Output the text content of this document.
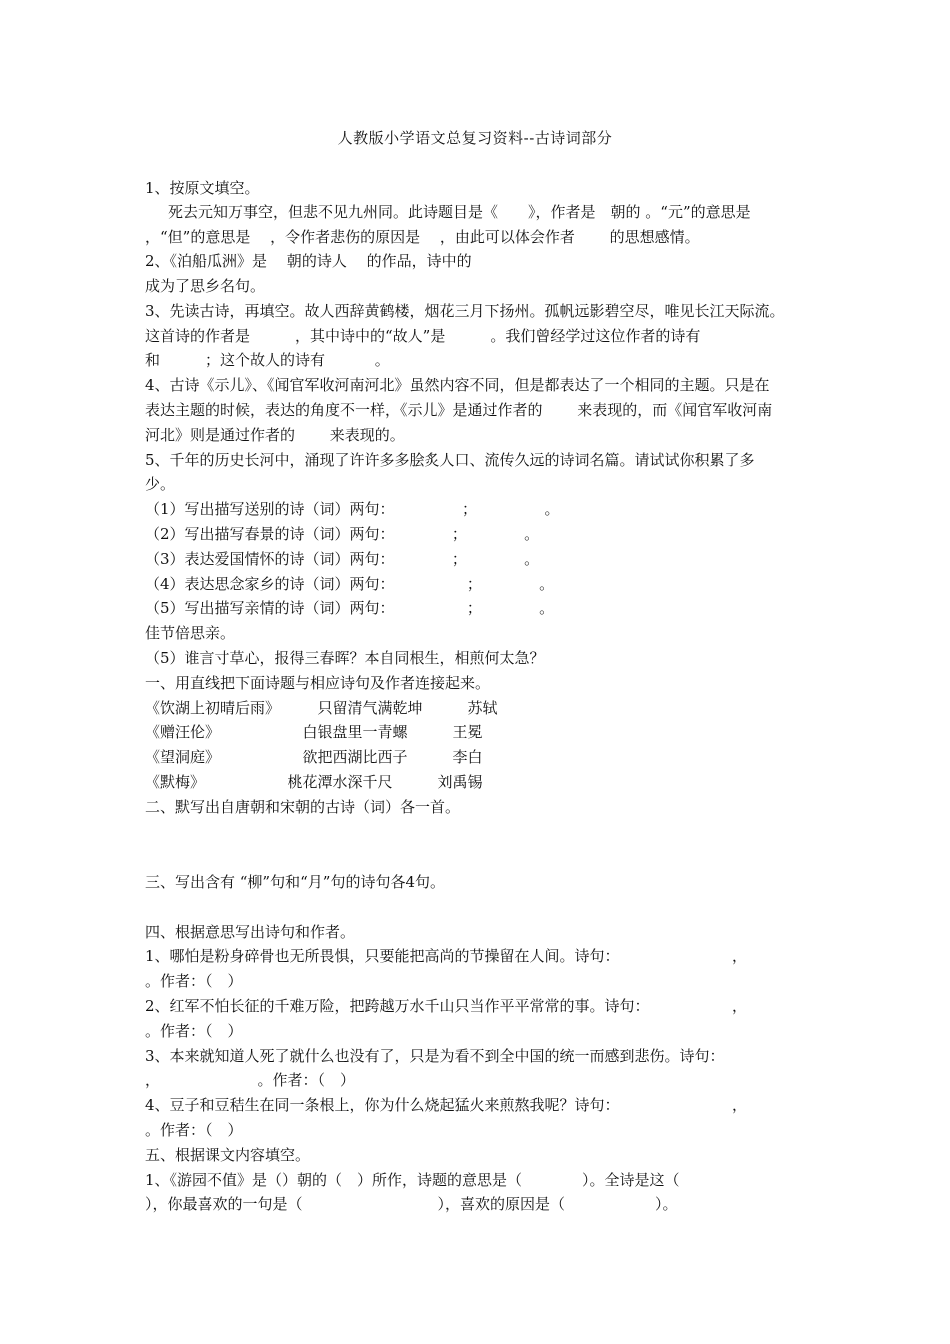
人教版小学语文总复习资料--古诗词部分
1、按原文填空。
死去元知万事空，但悲不见九州同。此诗题目是《　　》，作者是　朝的 。“元”的意思是
，“但”的意思是　 ，令作者悲伤的原因是　 ，由此可以体会作者　　 的思想感情。
2、《泊船瓜洲》是　 朝的诗人　 的作品，诗中的
成为了思乡名句。
3、先读古诗，再填空。故人西辞黄鹤楼，烟花三月下扬州。孤帆远影碧空尽，唯见长江天际流。
这首诗的作者是　　　，其中诗中的“故人”是　　　。我们曾经学过这位作者的诗有
和　　　；这个故人的诗有　　　 。
4、古诗《示儿》、《闻官军收河南河北》虽然内容不同，但是都表达了一个相同的主题。只是在
表达主题的时候，表达的角度不一样，《示儿》是通过作者的　　 来表现的，而《闻官军收河南
河北》则是通过作者的　　 来表现的。
5、千年的历史长河中，涌现了许许多多脍炙人口、流传久远的诗词名篇。请试试你积累了多
少。
（1）写出描写送别的诗（词）两句：　　　　　；　　　　　。
（2）写出描写春景的诗（词）两句：　　　　 ；　　　　 。
（3）表达爱国情怀的诗（词）两句：　　　　 ；　　　　 。
（4）表达思念家乡的诗（词）两句：　　　　　 ；　　　　 。
（5）写出描写亲情的诗（词）两句：　　　　　 ；　　　　 。
佳节倍思亲。
（5）谁言寸草心，报得三春晖？本自同根生，相煎何太急？
一、用直线把下面诗题与相应诗句及作者连接起来。
《饮湖上初晴后雨》　　　只留清气满乾坤　　　苏轼
《赠汪伦》　　　　　　白银盘里一青螺　　　王冕
《望洞庭》　　　　　　欲把西湖比西子　　　李白
《默梅》　　　　　　桃花潭水深千尺　　　刘禹锡
二、默写出自唐朝和宋朝的古诗（词）各一首。
三、写出含有 “柳”句和“月”句的诗句各4句。
四、根据意思写出诗句和作者。
1、哪怕是粉身碎骨也无所畏惧，只要能把高尚的节操留在人间。诗句：　　　　　　　　，
。作者：（　）
2、红军不怕长征的千难万险，把跨越万水千山只当作平平常常的事。诗句：　　　　　　，
。作者：（　）
3、本来就知道人死了就什么也没有了，只是为看不到全中国的统一而感到悲伤。诗句：
，　　　　　　　。作者：（　）
4、豆子和豆秸生在同一条根上，你为什么烧起猛火来煎熬我呢？诗句：　　　　　　　　，
。作者：（　）
五、根据课文内容填空。
1、《游园不值》是（）朝的（　）所作，诗题的意思是（　　　　）。全诗是这（
），你最喜欢的一句是（　　　　　　　　　），喜欢的原因是（　　　　　　）。
